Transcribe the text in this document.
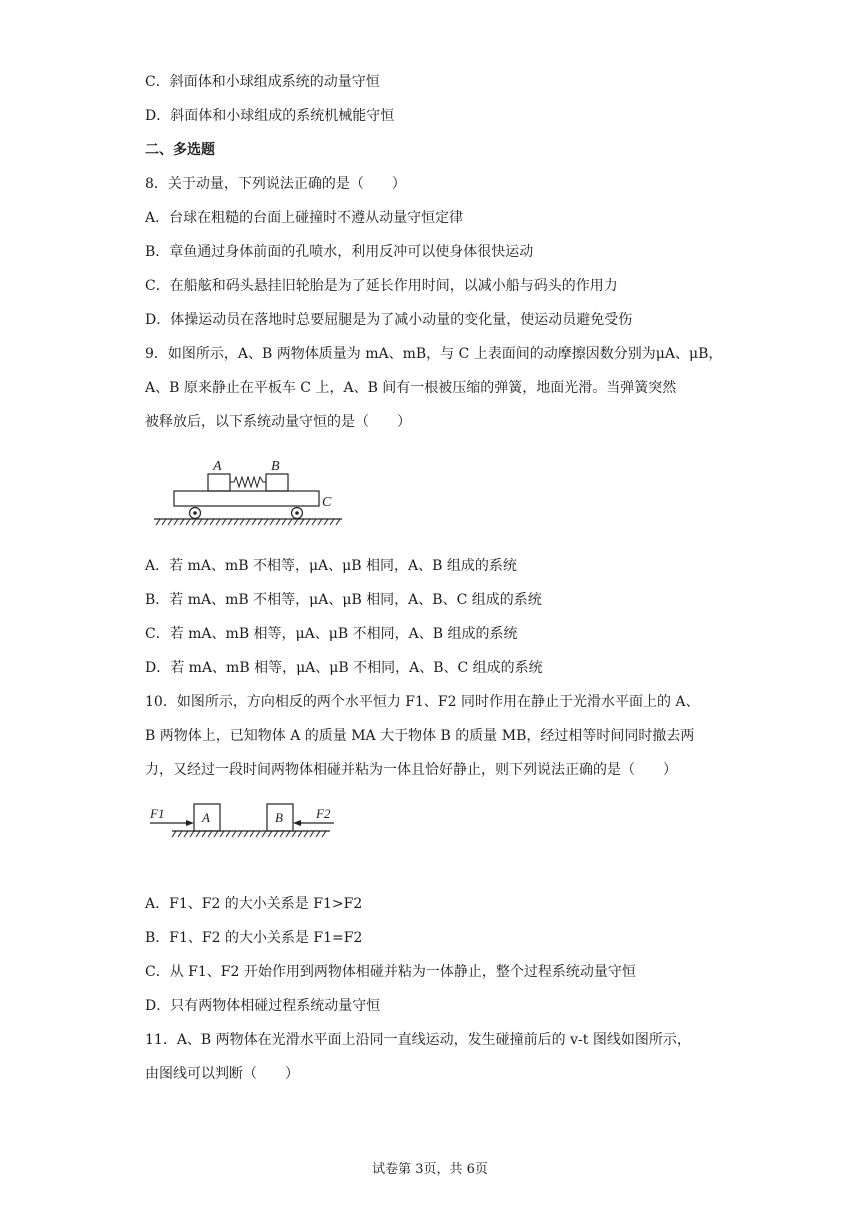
C．斜面体和小球组成系统的动量守恒
D．斜面体和小球组成的系统机械能守恒
二、多选题
8．关于动量，下列说法正确的是（　　）
A．台球在粗糙的台面上碰撞时不遵从动量守恒定律
B．章鱼通过身体前面的孔喷水，利用反冲可以使身体很快运动
C．在船舷和码头悬挂旧轮胎是为了延长作用时间，以减小船与码头的作用力
D．体操运动员在落地时总要屈腿是为了减小动量的变化量，使运动员避免受伤
9．如图所示，A、B 两物体质量为 mA、mB，与 C 上表面间的动摩擦因数分别为μA、μB，
A、B 原来静止在平板车 C 上，A、B 间有一根被压缩的弹簧，地面光滑。当弹簧突然
被释放后，以下系统动量守恒的是（　　）
A	B
C
A．若 mA、mB 不相等，μA、μB 相同，A、B 组成的系统
B．若 mA、mB 不相等，μA、μB 相同，A、B、C 组成的系统
C．若 mA、mB 相等，μA、μB 不相同，A、B 组成的系统
D．若 mA、mB 相等，μA、μB 不相同，A、B、C 组成的系统
10．如图所示，方向相反的两个水平恒力 F1、F2 同时作用在静止于光滑水平面上的 A、
B 两物体上，已知物体 A 的质量 MA 大于物体 B 的质量 MB，经过相等时间同时撤去两
力，又经过一段时间两物体相碰并粘为一体且恰好静止，则下列说法正确的是（　　）
F1	F2
A	B
A．F1、F2 的大小关系是 F1>F2
B．F1、F2 的大小关系是 F1=F2
C．从 F1、F2 开始作用到两物体相碰并粘为一体静止，整个过程系统动量守恒
D．只有两物体相碰过程系统动量守恒
11．A、B 两物体在光滑水平面上沿同一直线运动，发生碰撞前后的 v-t 图线如图所示，
由图线可以判断（　　）
试卷第 3页，共 6页
